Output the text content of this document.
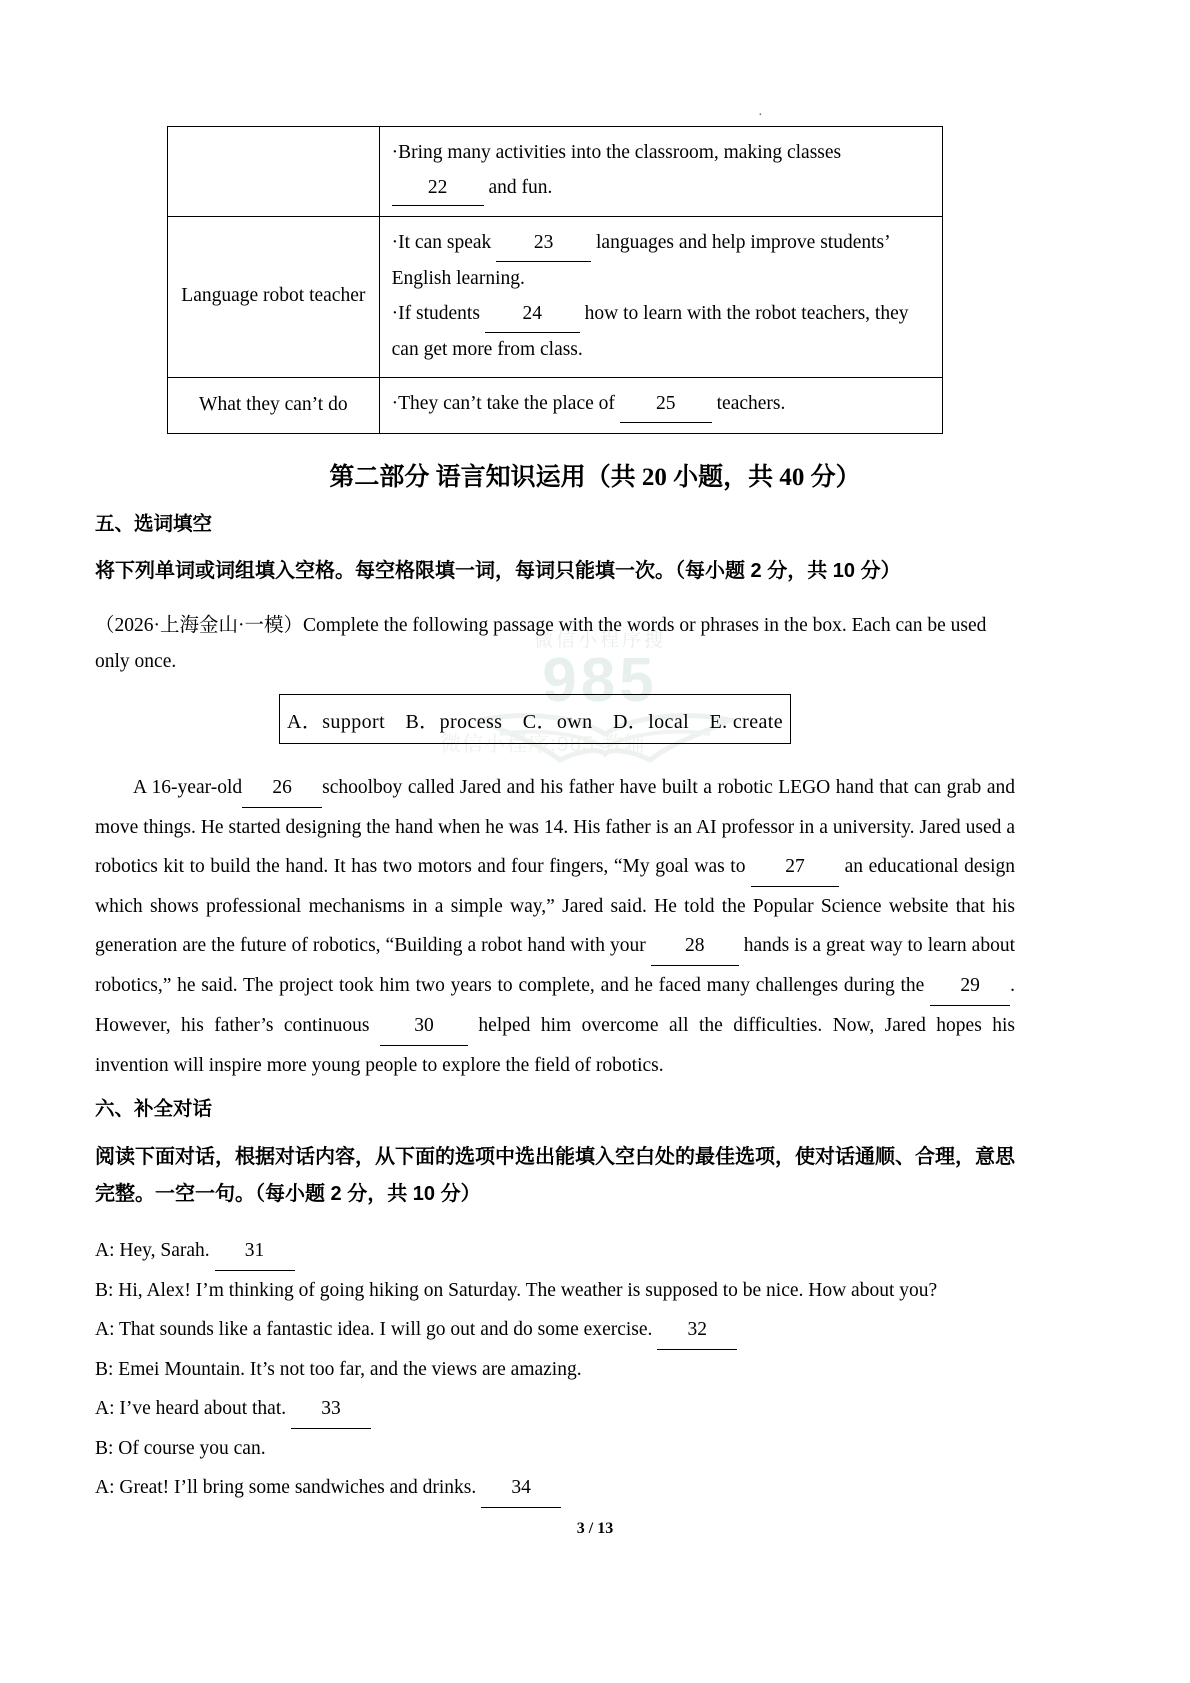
微信小程序搜
985
微信小程序:985 教辅
·
	·Bring many activities into the classroom, making classes 22 and fun.
Language robot teacher	·It can speak 23 languages and help improve students’ English learning.
·If students 24 how to learn with the robot teachers, they can get more from class.
What they can’t do	·They can’t take the place of 25 teachers.
第二部分 语言知识运用（共 20 小题，共 40 分）
五、选词填空
将下列单词或词组填入空格。每空格限填一词，每词只能填一次。（每小题 2 分，共 10 分）
（2026·上海金山·一模）Complete the following passage with the words or phrases in the box. Each can be used only once.
A．support　B．process　C．own　D．local　E. create
A 16-year-old 26 schoolboy called Jared and his father have built a robotic LEGO hand that can grab and move things. He started designing the hand when he was 14. His father is an AI professor in a university. Jared used a robotics kit to build the hand. It has two motors and four fingers, “My goal was to 27 an educational design which shows professional mechanisms in a simple way,” Jared said. He told the Popular Science website that his generation are the future of robotics, “Building a robot hand with your 28 hands is a great way to learn about robotics,” he said. The project took him two years to complete, and he faced many challenges during the 29 . However, his father’s continuous 30 helped him overcome all the difficulties. Now, Jared hopes his invention will inspire more young people to explore the field of robotics.
六、补全对话
阅读下面对话，根据对话内容，从下面的选项中选出能填入空白处的最佳选项，使对话通顺、合理，意思完整。一空一句。（每小题 2 分，共 10 分）
A: Hey, Sarah. 31
B: Hi, Alex! I’m thinking of going hiking on Saturday. The weather is supposed to be nice. How about you?
A: That sounds like a fantastic idea. I will go out and do some exercise. 32
B: Emei Mountain. It’s not too far, and the views are amazing.
A: I’ve heard about that. 33
B: Of course you can.
A: Great! I’ll bring some sandwiches and drinks. 34
3 / 13
